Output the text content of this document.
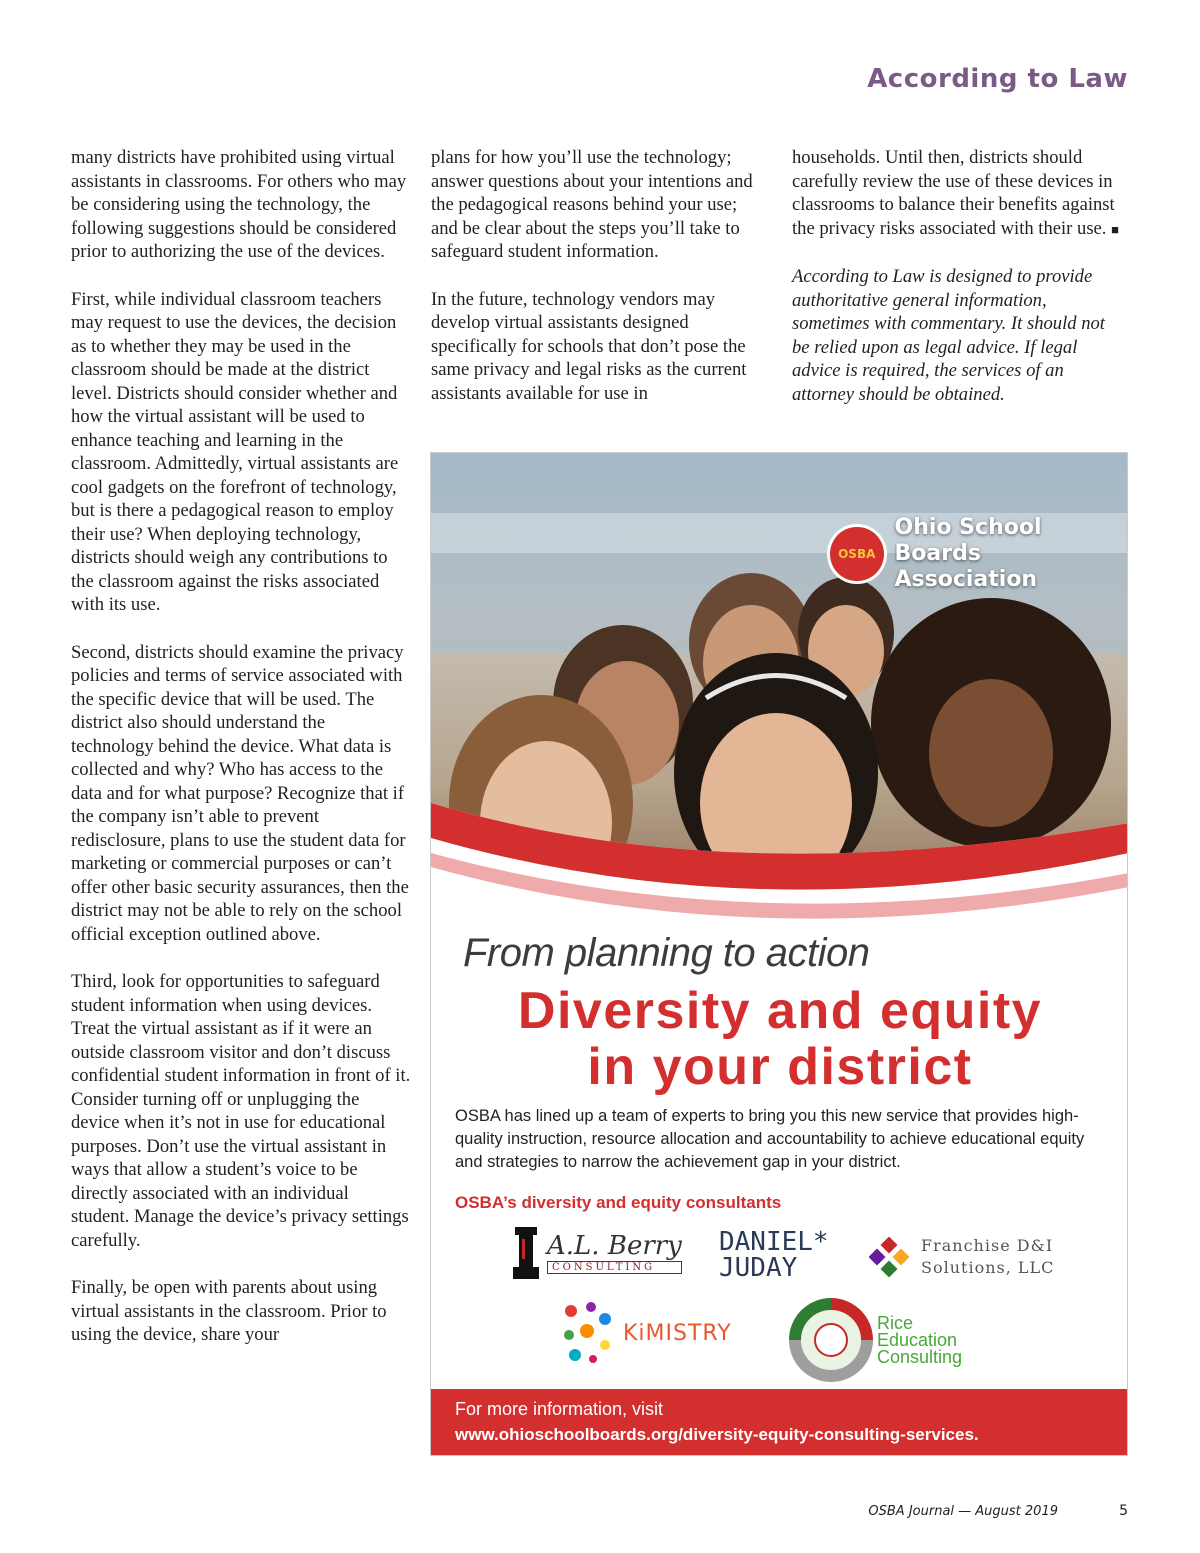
According to Law

many districts have prohibited using virtual assistants in classrooms. For others who may be considering using the technology, the following suggestions should be considered prior to authorizing the use of the devices.

First, while individual classroom teachers may request to use the devices, the decision as to whether they may be used in the classroom should be made at the district level. Districts should consider whether and how the virtual assistant will be used to enhance teaching and learning in the classroom. Admittedly, virtual assistants are cool gadgets on the forefront of technology, but is there a pedagogical reason to employ their use? When deploying technology, districts should weigh any contributions to the classroom against the risks associated with its use.

Second, districts should examine the privacy policies and terms of service associated with the specific device that will be used. The district also should understand the technology behind the device. What data is collected and why? Who has access to the data and for what purpose? Recognize that if the company isn’t able to prevent redisclosure, plans to use the student data for marketing or commercial purposes or can’t offer other basic security assurances, then the district may not be able to rely on the school official exception outlined above.

Third, look for opportunities to safeguard student information when using devices. Treat the virtual assistant as if it were an outside classroom visitor and don’t discuss confidential student information in front of it. Consider turning off or unplugging the device when it’s not in use for educational purposes. Don’t use the virtual assistant in ways that allow a student’s voice to be directly associated with an individual student. Manage the device’s privacy settings carefully.

Finally, be open with parents about using virtual assistants in the classroom. Prior to using the device, share your

plans for how you’ll use the technology; answer questions about your intentions and the pedagogical reasons behind your use; and be clear about the steps you’ll take to safeguard student information.

In the future, technology vendors may develop virtual assistants designed specifically for schools that don’t pose the same privacy and legal risks as the current assistants available for use in

households. Until then, districts should carefully review the use of these devices in classrooms to balance their benefits against the privacy risks associated with their use. ■

According to Law is designed to provide authoritative general information, sometimes with commentary. It should not be relied upon as legal advice. If legal advice is required, the services of an attorney should be obtained.

OSBA
Ohio School
Boards Association
From planning to action
Diversity and equity
in your district
OSBA has lined up a team of experts to bring you this new service that provides high-quality instruction, resource allocation and accountability to achieve educational equity and strategies to narrow the achievement gap in your district.
OSBA’s diversity and equity consultants
A.L. Berry
CONSULTING
DANIEL*
JUDAY
Franchise D&I
Solutions, LLC
KiMISTRY	Rice
Education
Consulting
For more information, visit
www.ohioschoolboards.org/diversity-equity-consulting-services.
OSBA Journal — August 2019	5
